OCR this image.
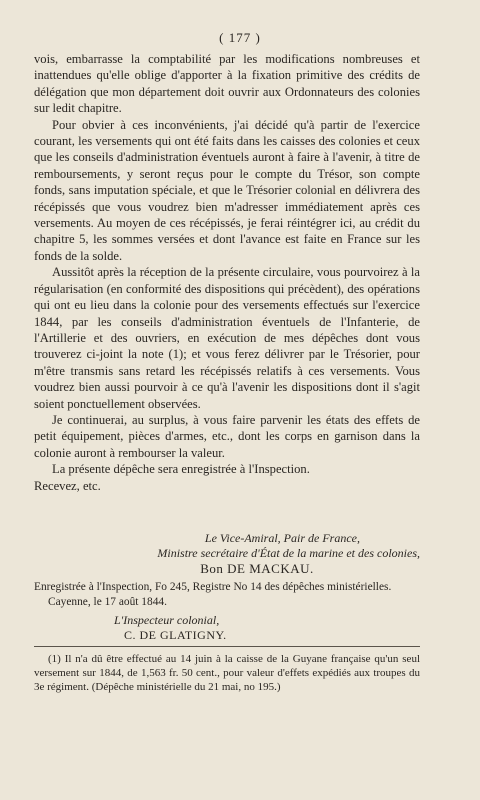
( 177 )

vois, embarrasse la comptabilité par les modifications nombreuses et inattendues qu'elle oblige d'apporter à la fixation primitive des crédits de délégation que mon département doit ouvrir aux Ordonnateurs des colonies sur ledit chapitre.

Pour obvier à ces inconvénients, j'ai décidé qu'à partir de l'exercice courant, les versements qui ont été faits dans les caisses des colonies et ceux que les conseils d'administration éventuels auront à faire à l'avenir, à titre de remboursements, y seront reçus pour le compte du Trésor, son compte fonds, sans imputation spéciale, et que le Trésorier colonial en délivrera des récépissés que vous voudrez bien m'adresser immédiatement après ces versements. Au moyen de ces récépissés, je ferai réintégrer ici, au crédit du chapitre 5, les sommes versées et dont l'avance est faite en France sur les fonds de la solde.

Aussitôt après la réception de la présente circulaire, vous pourvoirez à la régularisation (en conformité des dispositions qui précèdent), des opérations qui ont eu lieu dans la colonie pour des versements effectués sur l'exercice 1844, par les conseils d'administration éventuels de l'Infanterie, de l'Artillerie et des ouvriers, en exécution de mes dépêches dont vous trouverez ci-joint la note (1); et vous ferez délivrer par le Trésorier, pour m'être transmis sans retard les récépissés relatifs à ces versements. Vous voudrez bien aussi pourvoir à ce qu'à l'avenir les dispositions dont il s'agit soient ponctuellement observées.

Je continuerai, au surplus, à vous faire parvenir les états des effets de petit équipement, pièces d'armes, etc., dont les corps en garnison dans la colonie auront à rembourser la valeur.

La présente dépêche sera enregistrée à l'Inspection.

Recevez, etc.

Le Vice-Amiral, Pair de France,
Ministre secrétaire d'État de la marine et des colonies,
Bon DE MACKAU.
Enregistrée à l'Inspection, Fo 245, Registre No 14 des dépêches ministérielles.
Cayenne, le 17 août 1844.
L'Inspecteur colonial,
C. DE GLATIGNY.

(1) Il n'a dû être effectué au 14 juin à la caisse de la Guyane française qu'un seul versement sur 1844, de 1,563 fr. 50 cent., pour valeur d'effets expédiés aux troupes du 3e régiment. (Dépêche ministérielle du 21 mai, no 195.)
